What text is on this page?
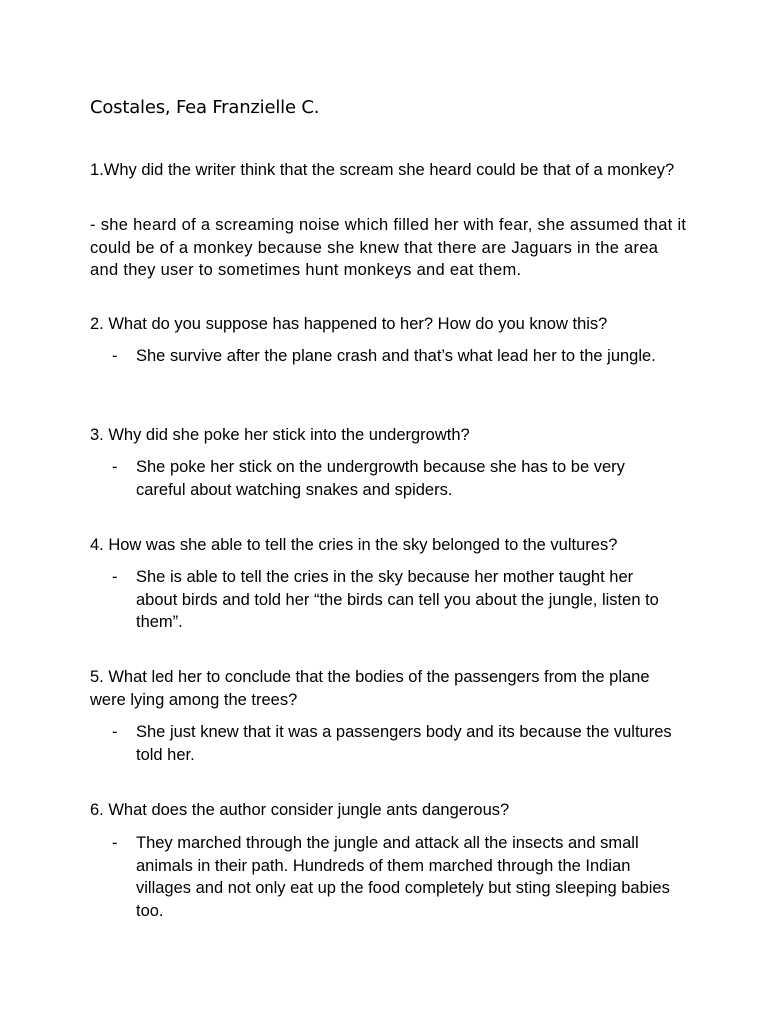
Costales, Fea Franzielle C.
1.Why did the writer think that the scream she heard could be that of a monkey?
- she heard of a screaming noise which filled her with fear, she assumed that it could be of a monkey because she knew that there are Jaguars in the area and they user to sometimes hunt monkeys and eat them.
2. What do you suppose has happened to her? How do you know this?
- She survive after the plane crash and that’s what lead her to the jungle.
3. Why did she poke her stick into the undergrowth?
- She poke her stick on the undergrowth because she has to be very careful about watching snakes and spiders.
4. How was she able to tell the cries in the sky belonged to the vultures?
- She is able to tell the cries in the sky because her mother taught her about birds and told her “the birds can tell you about the jungle, listen to them”.
5. What led her to conclude that the bodies of the passengers from the plane were lying among the trees?
- She just knew that it was a passengers body and its because the vultures told her.
6. What does the author consider jungle ants dangerous?
- They marched through the jungle and attack all the insects and small animals in their path. Hundreds of them marched through the Indian villages and not only eat up the food completely but sting sleeping babies too.
